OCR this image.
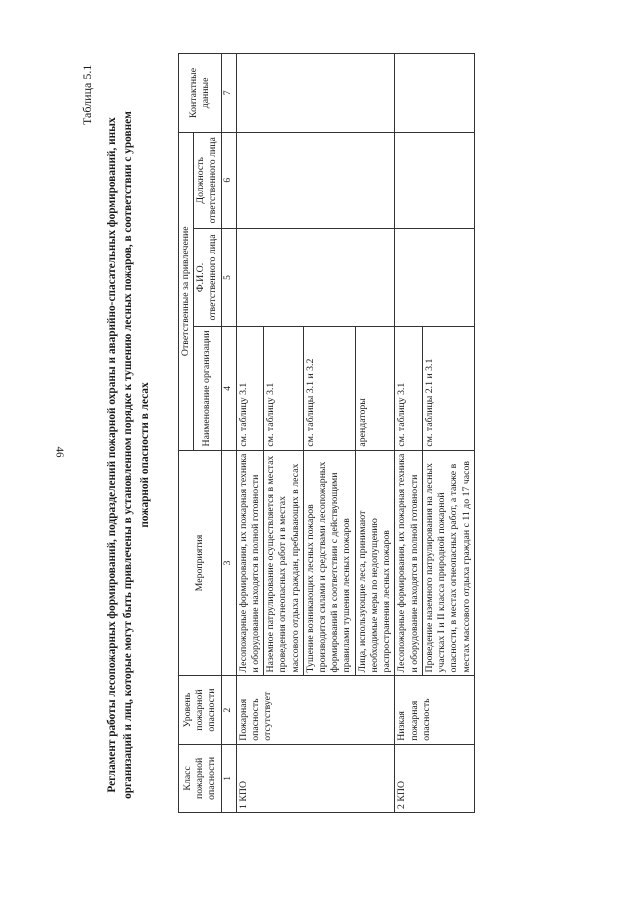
46
Таблица 5.1
Регламент работы лесопожарных формирований, подразделений пожарной охраны и аварийно-спасательных формирований, иных организаций и лиц, которые могут быть привлечены в установленном порядке к тушению лесных пожаров, в соответствии с уровнем пожарной опасности в лесах
Класс пожарной опасности	Уровень пожарной опасности	Мероприятия	Ответственные за привлечение			Контактные данные
			Наименование организации	Ф.И.О. ответственного лица	Должность ответственного лица	
1	2	3	4	5	6	7
1 КПО	Пожарная опасность отсутствует	Лесопожарные формирования, их пожарная техника и оборудование находятся в полной готовности	см. таблицу 3.1			
		Наземное патрулирование осуществляется в местах проведения огнеопасных работ и в местах массового отдыха граждан, пребывающих в лесах	см. таблицу 3.1			
		Тушение возникающих лесных пожаров производится силами и средствами лесопожарных формирований в соответствии с действующими правилами тушения лесных пожаров	см. таблицы 3.1 и 3.2			
		Лица, использующие леса, принимают необходимые меры по недопущению распространения лесных пожаров	арендаторы			
2 КПО	Низкая пожарная опасность	Лесопожарные формирования, их пожарная техника и оборудование находятся в полной готовности	см. таблицу 3.1			
		Проведение наземного патрулирования на лесных участках I и II класса природной пожарной опасности, в местах огнеопасных работ, а также в местах массового отдыха граждан с 11 до 17 часов	см. таблицы 2.1 и 3.1			
